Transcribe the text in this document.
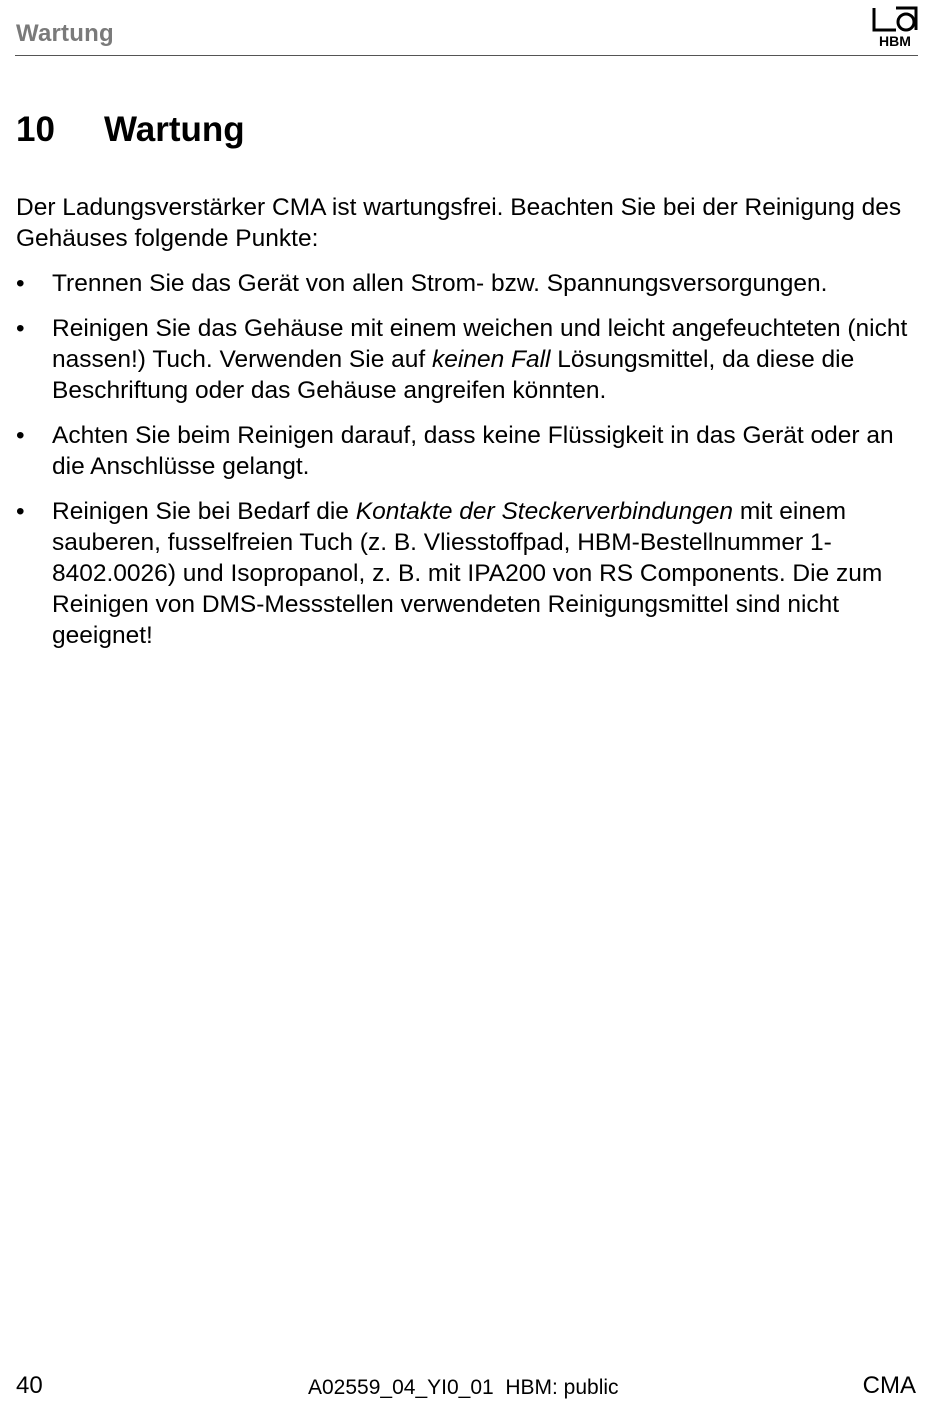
Wartung	HBM
10 Wartung

Der Ladungsverstärker CMA ist wartungsfrei. Beachten Sie bei der Reinigung des Gehäuses folgende Punkte:

• Trennen Sie das Gerät von allen Strom- bzw. Spannungsversorgungen.
• Reinigen Sie das Gehäuse mit einem weichen und leicht angefeuchteten (nicht nassen!) Tuch. Verwenden Sie auf keinen Fall Lösungsmittel, da diese die Beschriftung oder das Gehäuse angreifen könnten.
• Achten Sie beim Reinigen darauf, dass keine Flüssigkeit in das Gerät oder an die Anschlüsse gelangt.
• Reinigen Sie bei Bedarf die Kontakte der Steckerverbindungen mit einem sauberen, fusselfreien Tuch (z. B. Vliesstoffpad, HBM-Bestellnummer 1-8402.0026) und Isopropanol, z. B. mit IPA200 von RS Components. Die zum Reinigen von DMS-Messstellen verwendeten Reinigungsmittel sind nicht geeignet!
40	A02559_04_YI0_01  HBM: public	CMA
